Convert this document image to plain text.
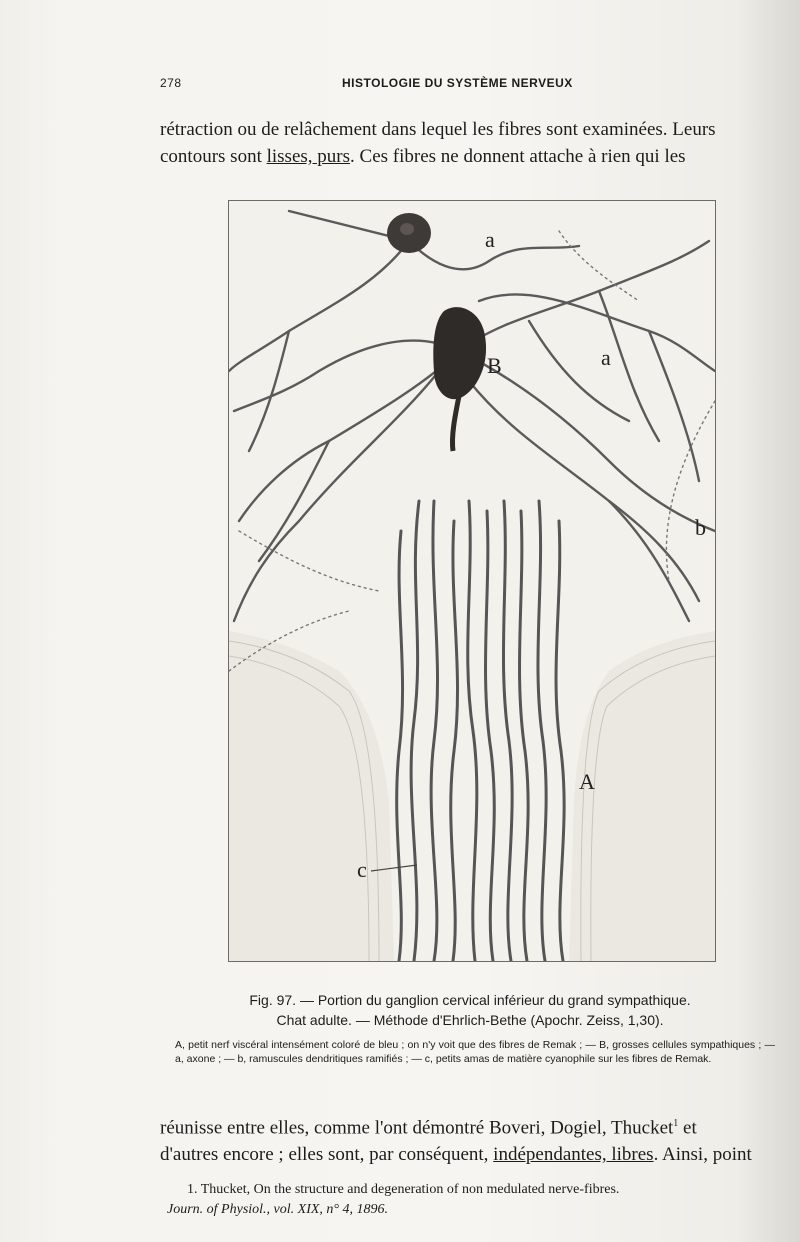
278	HISTOLOGIE DU SYSTÈME NERVEUX

rétraction ou de relâchement dans lequel les fibres sont examinées. Leurs

contours sont lisses, purs. Ces fibres ne donnent attache à rien qui les

a
B	a
b
A
c
Fig. 97. — Portion du ganglion cervical inférieur du grand sympathique.
Chat adulte. — Méthode d'Ehrlich-Bethe (Apochr. Zeiss, 1,30).
A, petit nerf viscéral intensément coloré de bleu ; on n'y voit que des fibres de Remak ; — B, grosses cellules sympathiques ; — a, axone ; — b, ramuscules dendritiques ramifiés ; — c, petits amas de matière cyanophile sur les fibres de Remak.

réunisse entre elles, comme l'ont démontré Boveri, Dogiel, Thucket$^1$ et

d'autres encore ; elles sont, par conséquent, indépendantes, libres. Ainsi, point

1. Thucket, On the structure and degeneration of non medulated nerve-fibres.

Journ. of Physiol., vol. XIX, n° 4, 1896.
